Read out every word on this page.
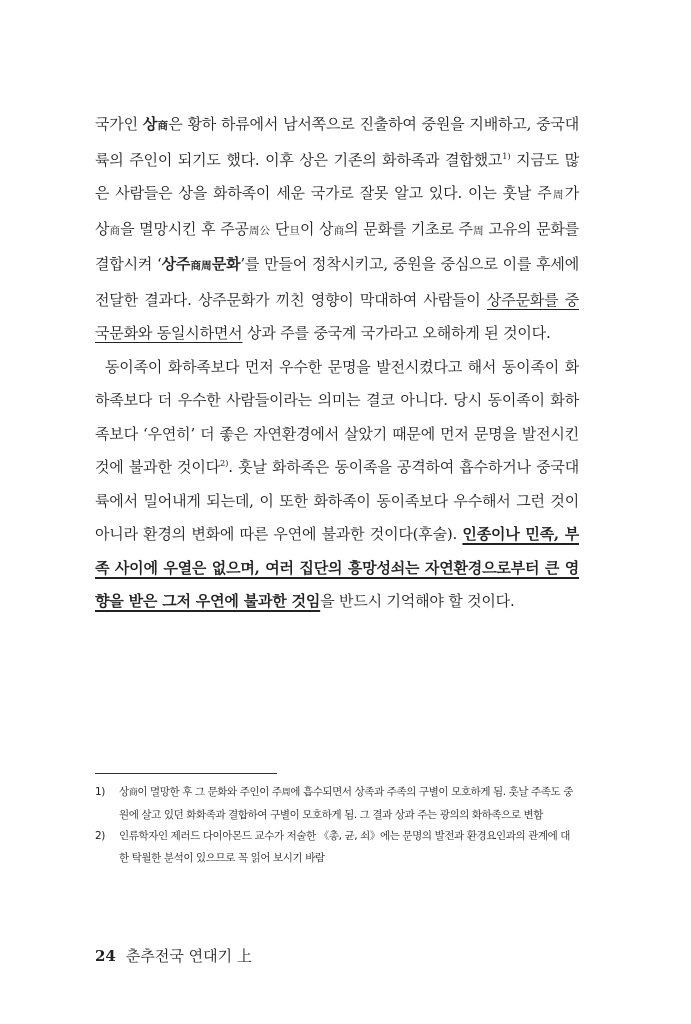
국가인 상商은 황하 하류에서 남서쪽으로 진출하여 중원을 지배하고, 중국대륙의 주인이 되기도 했다. 이후 상은 기존의 화하족과 결합했고$^{1)}$ 지금도 많은 사람들은 상을 화하족이 세운 국가로 잘못 알고 있다. 이는 훗날 주周가 상商을 멸망시킨 후 주공周公 단旦이 상商의 문화를 기초로 주周 고유의 문화를 결합시켜 ‘상주商周문화’를 만들어 정착시키고, 중원을 중심으로 이를 후세에 전달한 결과다. 상주문화가 끼친 영향이 막대하여 사람들이 상주문화를 중국문화와 동일시하면서 상과 주를 중국계 국가라고 오해하게 된 것이다.

동이족이 화하족보다 먼저 우수한 문명을 발전시켰다고 해서 동이족이 화하족보다 더 우수한 사람들이라는 의미는 결코 아니다. 당시 동이족이 화하족보다 ‘우연히’ 더 좋은 자연환경에서 살았기 때문에 먼저 문명을 발전시킨 것에 불과한 것이다$^{2)}$. 훗날 화하족은 동이족을 공격하여 흡수하거나 중국대륙에서 밀어내게 되는데, 이 또한 화하족이 동이족보다 우수해서 그런 것이 아니라 환경의 변화에 따른 우연에 불과한 것이다(후술). 인종이나 민족, 부족 사이에 우열은 없으며, 여러 집단의 흥망성쇠는 자연환경으로부터 큰 영향을 받은 그저 우연에 불과한 것임을 반드시 기억해야 할 것이다.

1)	상商이 멸망한 후 그 문화와 주인이 주周에 흡수되면서 상족과 주족의 구별이 모호하게 됨. 훗날 주족도 중원에 살고 있던 화화족과 결합하여 구별이 모호하게 됨. 그 결과 상과 주는 광의의 화하족으로 변함
2)	인류학자인 제러드 다이아몬드 교수가 저술한 《총, 균, 쇠》에는 문명의 발전과 환경요인과의 관계에 대한 탁월한 분석이 있으므로 꼭 읽어 보시기 바람
24 춘추전국 연대기 上
